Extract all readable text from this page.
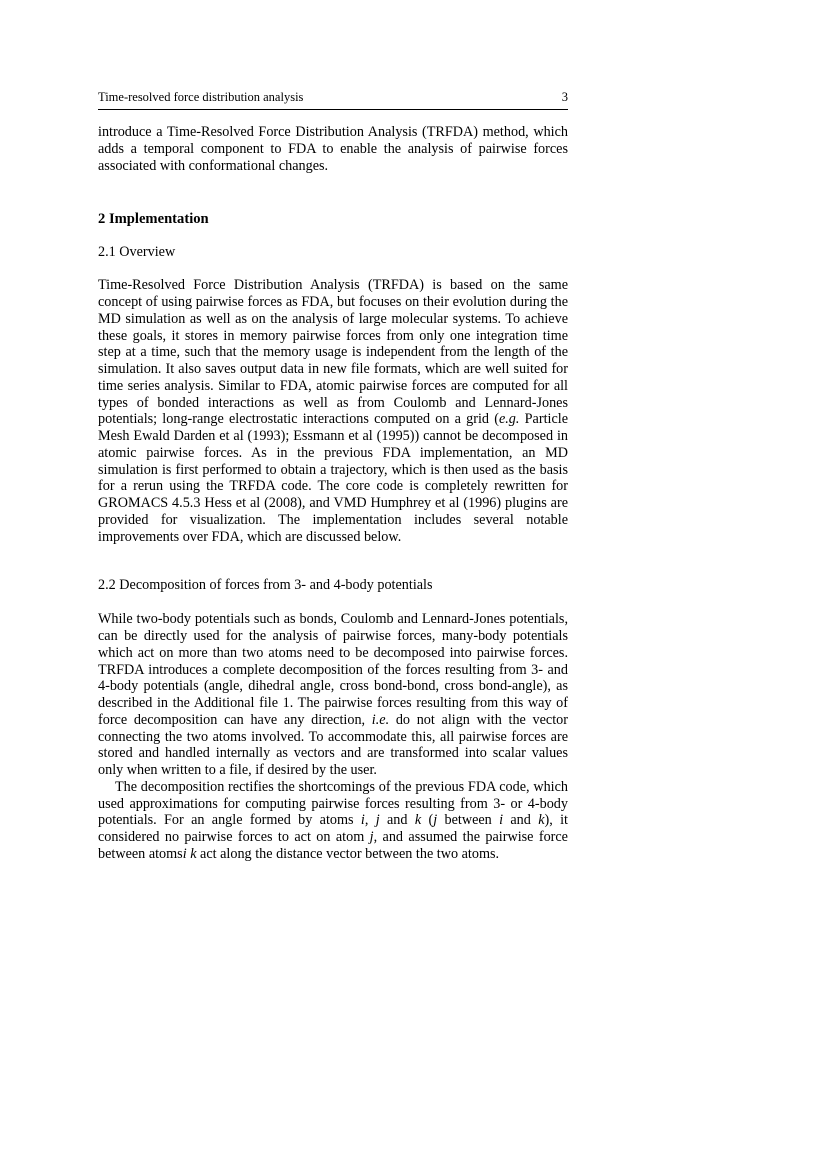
Time-resolved force distribution analysis	3

introduce a Time-Resolved Force Distribution Analysis (TRFDA) method, which adds a temporal component to FDA to enable the analysis of pairwise forces associated with conformational changes.

2 Implementation
2.1 Overview

Time-Resolved Force Distribution Analysis (TRFDA) is based on the same concept of using pairwise forces as FDA, but focuses on their evolution during the MD simulation as well as on the analysis of large molecular systems. To achieve these goals, it stores in memory pairwise forces from only one integration time step at a time, such that the memory usage is independent from the length of the simulation. It also saves output data in new file formats, which are well suited for time series analysis. Similar to FDA, atomic pairwise forces are computed for all types of bonded interactions as well as from Coulomb and Lennard-Jones potentials; long-range electrostatic interactions computed on a grid (e.g. Particle Mesh Ewald Darden et al (1993); Essmann et al (1995)) cannot be decomposed in atomic pairwise forces. As in the previous FDA implementation, an MD simulation is first performed to obtain a trajectory, which is then used as the basis for a rerun using the TRFDA code. The core code is completely rewritten for GROMACS 4.5.3 Hess et al (2008), and VMD Humphrey et al (1996) plugins are provided for visualization. The implementation includes several notable improvements over FDA, which are discussed below.

2.2 Decomposition of forces from 3- and 4-body potentials

While two-body potentials such as bonds, Coulomb and Lennard-Jones potentials, can be directly used for the analysis of pairwise forces, many-body potentials which act on more than two atoms need to be decomposed into pairwise forces. TRFDA introduces a complete decomposition of the forces resulting from 3- and 4-body potentials (angle, dihedral angle, cross bond-bond, cross bond-angle), as described in the Additional file 1. The pairwise forces resulting from this way of force decomposition can have any direction, i.e. do not align with the vector connecting the two atoms involved. To accommodate this, all pairwise forces are stored and handled internally as vectors and are transformed into scalar values only when written to a file, if desired by the user.

The decomposition rectifies the shortcomings of the previous FDA code, which used approximations for computing pairwise forces resulting from 3- or 4-body potentials. For an angle formed by atoms i, j and k (j between i and k), it considered no pairwise forces to act on atom j, and assumed the pairwise force between atomsi k act along the distance vector between the two atoms.
